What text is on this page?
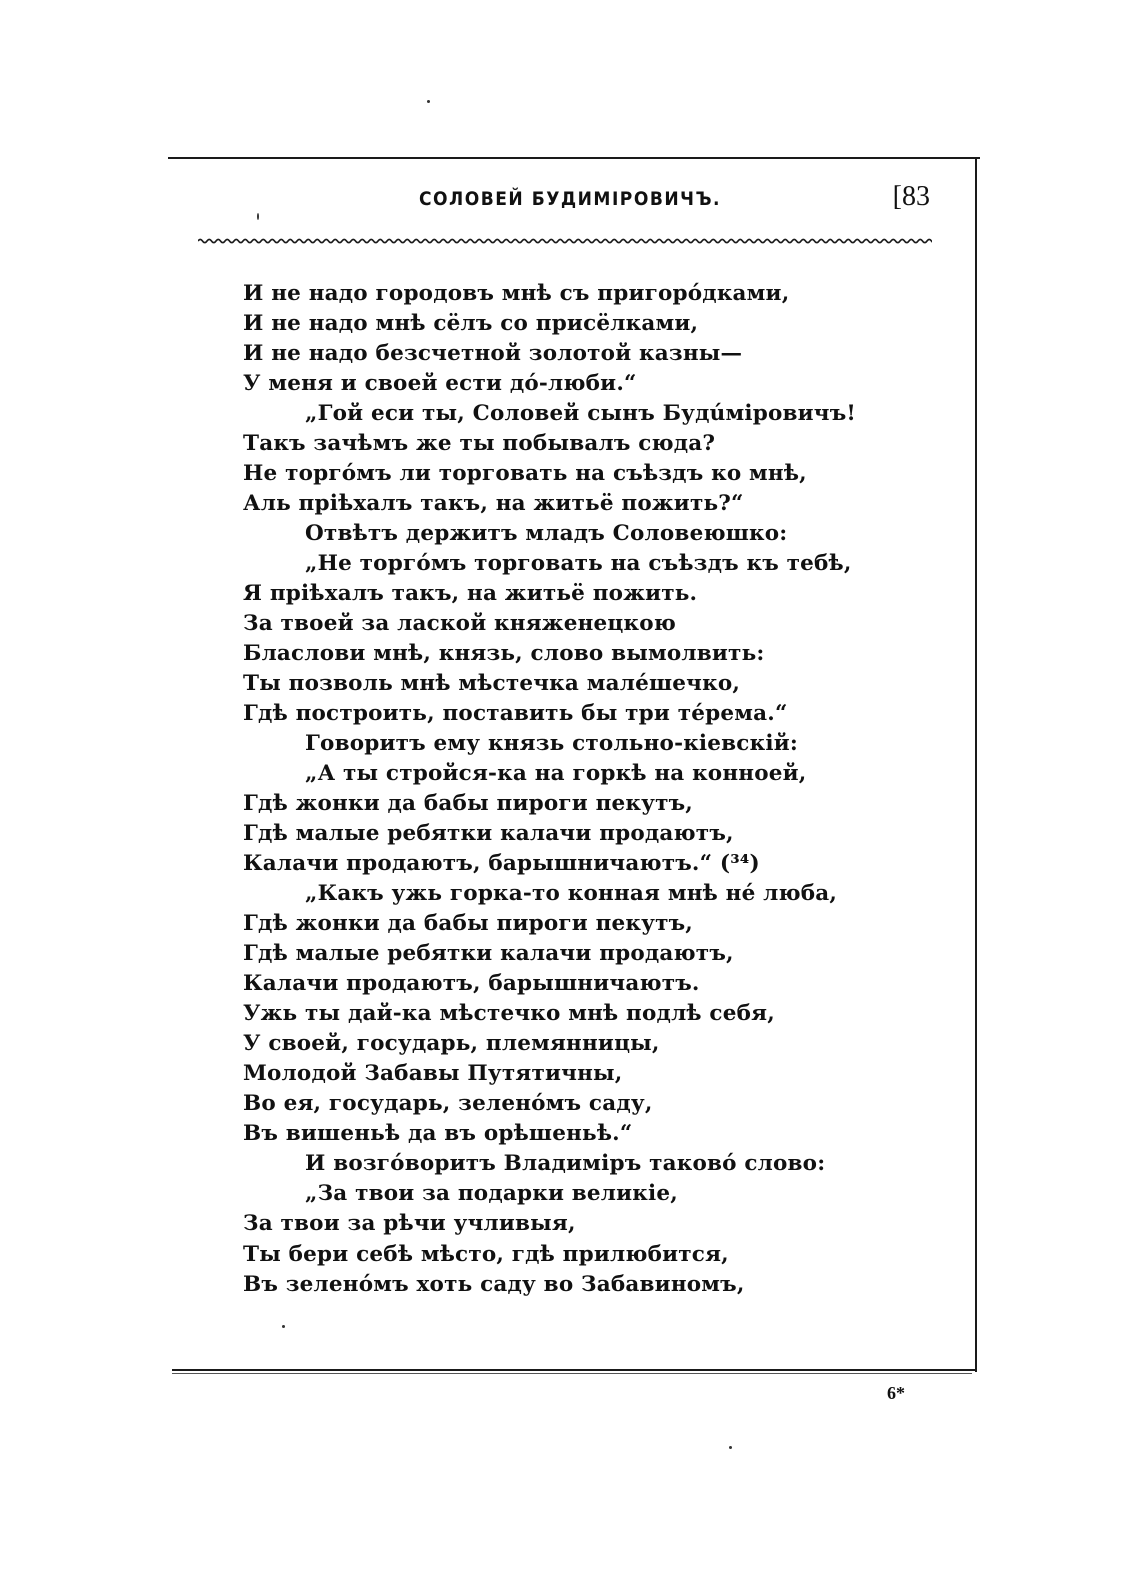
СОЛОВЕЙ БУДИМІРОВИЧЪ.	[83
И не надо городовъ мнѣ съ пригорóдками,
И не надо мнѣ сёлъ со присёлками,
И не надо безсчетной золотой казны—
У меня и своей ести дó-люби.“
„Гой еси ты, Соловей сынъ Будúміровичъ!
Такъ зачѣмъ же ты побывалъ сюда?
Не торгóмъ ли торговать на съѣздъ ко мнѣ,
Аль пріѣхалъ такъ, на житьё пожить?“
Отвѣтъ держитъ младъ Соловеюшко:
„Не торгóмъ торговать на съѣздъ къ тебѣ,
Я пріѣхалъ такъ, на житьё пожить.
За твоей за лаской княженецкою
Бласлови мнѣ, князь, слово вымолвить:
Ты позволь мнѣ мѣстечка малéшечко,
Гдѣ построить, поставить бы три тéрема.“
Говоритъ ему князь стольно-кіевскій:
„А ты стройся-ка на горкѣ на конноей,
Гдѣ жонки да бабы пироги пекутъ,
Гдѣ малые ребятки калачи продаютъ,
Калачи продаютъ, барышничаютъ.“ (³⁴)
„Какъ ужь горка-то конная мнѣ нé люба,
Гдѣ жонки да бабы пироги пекутъ,
Гдѣ малые ребятки калачи продаютъ,
Калачи продаютъ, барышничаютъ.
Ужь ты дай-ка мѣстечко мнѣ подлѣ себя,
У своей, государь, племянницы,
Молодой Забавы Путятичны,
Во ея, государь, зеленóмъ саду,
Въ вишеньѣ да въ орѣшеньѣ.“
И возгóворитъ Владиміръ таковó слово:
„За твои за подарки великіе,
За твои за рѣчи учливыя,
Ты бери себѣ мѣсто, гдѣ прилюбится,
Въ зеленóмъ хоть саду во Забавиномъ,
6*
